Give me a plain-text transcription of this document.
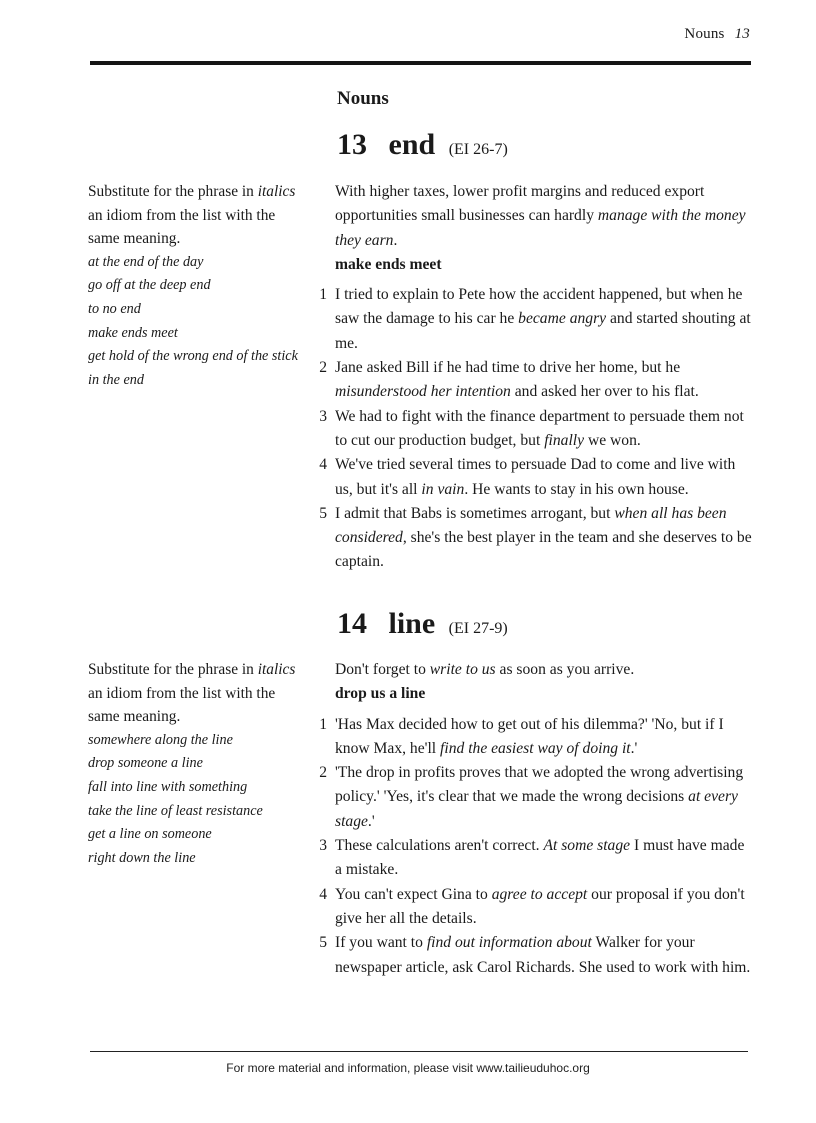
Nouns 13
Nouns
13 end (EI 26-7)

Substitute for the phrase in italics an idiom from the list with the same meaning.

at the end of the day
go off at the deep end
to no end
make ends meet
get hold of the wrong end of the stick
in the end

With higher taxes, lower profit margins and reduced export opportunities small businesses can hardly manage with the money they earn.

make ends meet

1 I tried to explain to Pete how the accident happened, but when he saw the damage to his car he became angry and started shouting at me.
2 Jane asked Bill if he had time to drive her home, but he misunderstood her intention and asked her over to his flat.
3 We had to fight with the finance department to persuade them not to cut our production budget, but finally we won.
4 We've tried several times to persuade Dad to come and live with us, but it's all in vain. He wants to stay in his own house.
5 I admit that Babs is sometimes arrogant, but when all has been considered, she's the best player in the team and she deserves to be captain.
14 line (EI 27-9)

Substitute for the phrase in italics an idiom from the list with the same meaning.

somewhere along the line
drop someone a line
fall into line with something
take the line of least resistance
get a line on someone
right down the line

Don't forget to write to us as soon as you arrive.

drop us a line

1 'Has Max decided how to get out of his dilemma?' 'No, but if I know Max, he'll find the easiest way of doing it.'
2 'The drop in profits proves that we adopted the wrong advertising policy.' 'Yes, it's clear that we made the wrong decisions at every stage.'
3 These calculations aren't correct. At some stage I must have made a mistake.
4 You can't expect Gina to agree to accept our proposal if you don't give her all the details.
5 If you want to find out information about Walker for your newspaper article, ask Carol Richards. She used to work with him.
For more material and information, please visit www.tailieuduhoc.org
